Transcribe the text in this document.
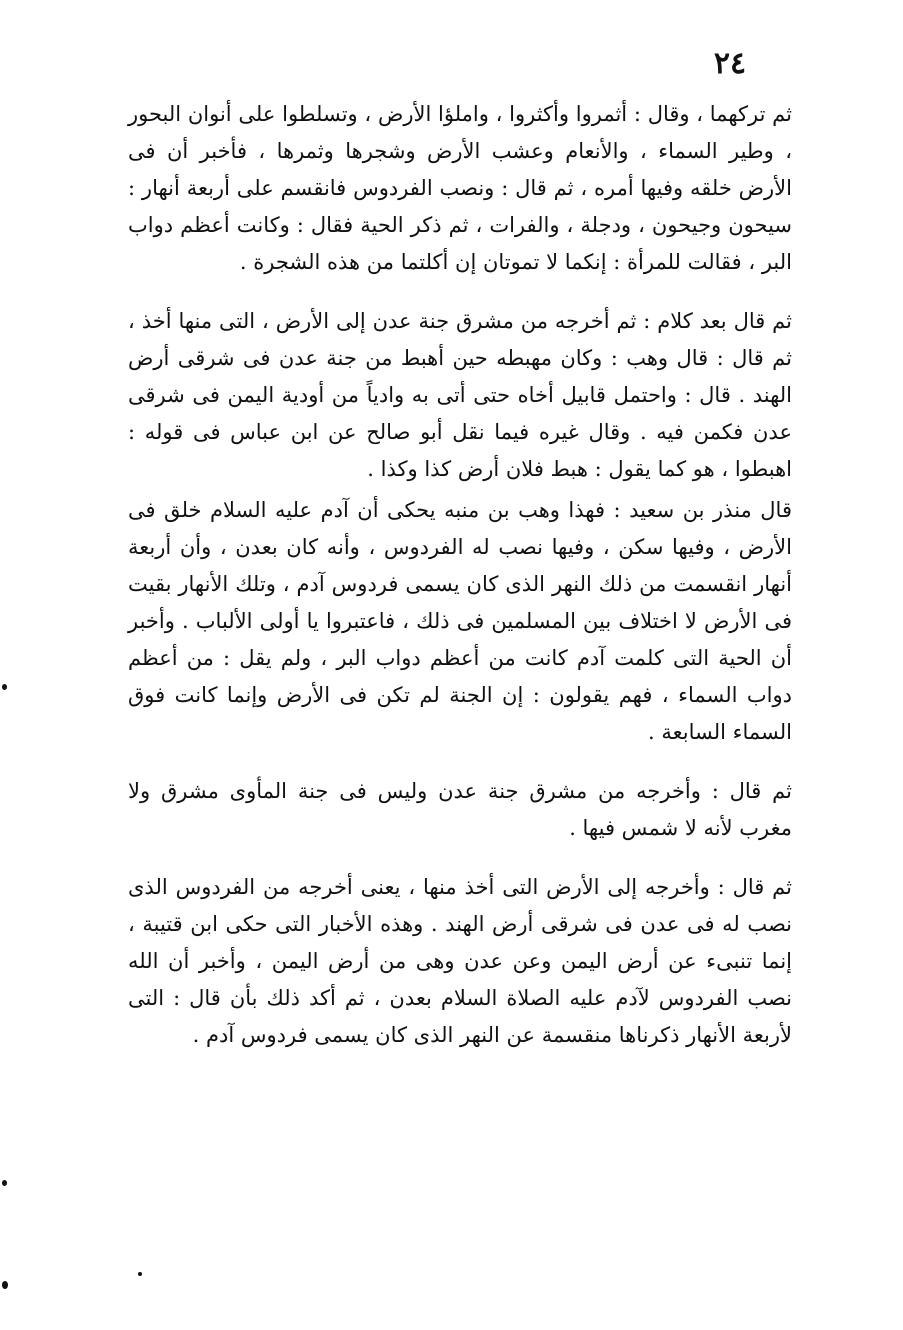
٢٤

ثم تركهما ، وقال : أثمروا وأكثروا ، واملؤا الأرض ، وتسلطوا على أنوان البحور ، وطير السماء ، والأنعام وعشب الأرض وشجرها وثمرها ، فأخبر أن فى الأرض خلقه وفيها أمره ، ثم قال : ونصب الفردوس فانقسم على أربعة أنهار : سيحون وجيحون ، ودجلة ، والفرات ، ثم ذكر الحية فقال : وكانت أعظم دواب البر ، فقالت للمرأة : إنكما لا تموتان إن أكلتما من هذه الشجرة .

ثم قال بعد كلام : ثم أخرجه من مشرق جنة عدن إلى الأرض ، التى منها أخذ ، ثم قال : قال وهب : وكان مهبطه حين أهبط من جنة عدن فى شرقى أرض الهند . قال : واحتمل قابيل أخاه حتى أتى به وادياً من أودية اليمن فى شرقى عدن فكمن فيه . وقال غيره فيما نقل أبو صالح عن ابن عباس فى قوله : اهبطوا ، هو كما يقول : هبط فلان أرض كذا وكذا .

قال منذر بن سعيد : فهذا وهب بن منبه يحكى أن آدم عليه السلام خلق فى الأرض ، وفيها سكن ، وفيها نصب له الفردوس ، وأنه كان بعدن ، وأن أربعة أنهار انقسمت من ذلك النهر الذى كان يسمى فردوس آدم ، وتلك الأنهار بقيت فى الأرض لا اختلاف بين المسلمين فى ذلك ، فاعتبروا يا أولى الألباب . وأخبر أن الحية التى كلمت آدم كانت من أعظم دواب البر ، ولم يقل : من أعظم دواب السماء ، فهم يقولون : إن الجنة لم تكن فى الأرض وإنما كانت فوق السماء السابعة .

ثم قال : وأخرجه من مشرق جنة عدن وليس فى جنة المأوى مشرق ولا مغرب لأنه لا شمس فيها .

ثم قال : وأخرجه إلى الأرض التى أخذ منها ، يعنى أخرجه من الفردوس الذى نصب له فى عدن فى شرقى أرض الهند . وهذه الأخبار التى حكى ابن قتيبة ، إنما تنبىء عن أرض اليمن وعن عدن وهى من أرض اليمن ، وأخبر أن الله نصب الفردوس لآدم عليه الصلاة السلام بعدن ، ثم أكد ذلك بأن قال : التى لأربعة الأنهار ذكرناها منقسمة عن النهر الذى كان يسمى فردوس آدم .
